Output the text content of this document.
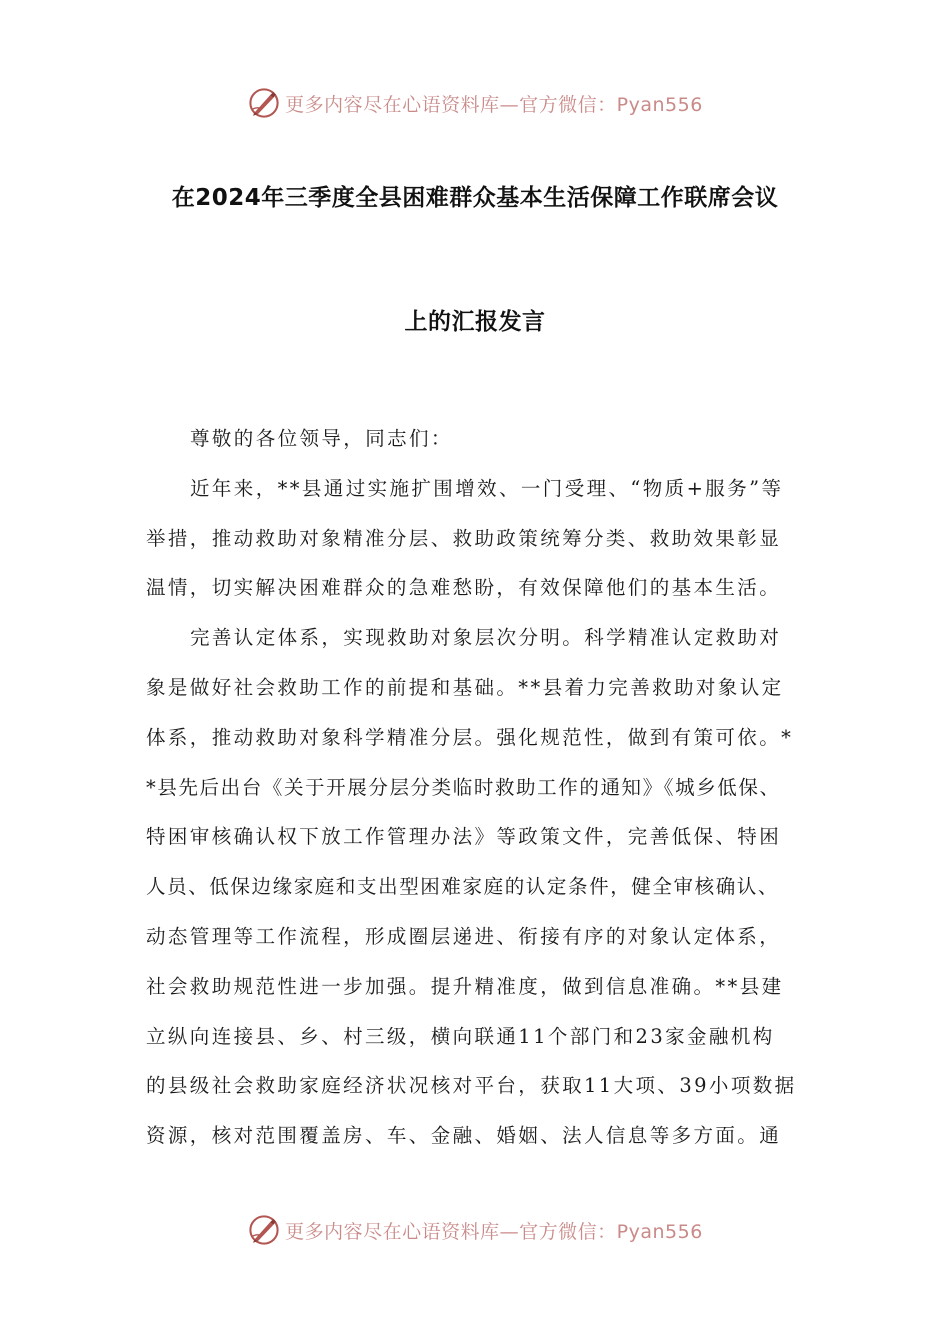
更多内容尽在心语资料库—官方微信：Pyan556
在2024年三季度全县困难群众基本生活保障工作联席会议
上的汇报发言
尊敬的各位领导，同志们：
近年来，**县通过实施扩围增效、一门受理、“物质+服务”等
举措，推动救助对象精准分层、救助政策统筹分类、救助效果彰显
温情，切实解决困难群众的急难愁盼，有效保障他们的基本生活。
完善认定体系，实现救助对象层次分明。科学精准认定救助对
象是做好社会救助工作的前提和基础。**县着力完善救助对象认定
体系，推动救助对象科学精准分层。强化规范性，做到有策可依。*
*县先后出台《关于开展分层分类临时救助工作的通知》《城乡低保、
特困审核确认权下放工作管理办法》等政策文件，完善低保、特困
人员、低保边缘家庭和支出型困难家庭的认定条件，健全审核确认、
动态管理等工作流程，形成圈层递进、衔接有序的对象认定体系，
社会救助规范性进一步加强。提升精准度，做到信息准确。**县建
立纵向连接县、乡、村三级，横向联通11个部门和23家金融机构
的县级社会救助家庭经济状况核对平台，获取11大项、39小项数据
资源，核对范围覆盖房、车、金融、婚姻、法人信息等多方面。通
更多内容尽在心语资料库—官方微信：Pyan556
